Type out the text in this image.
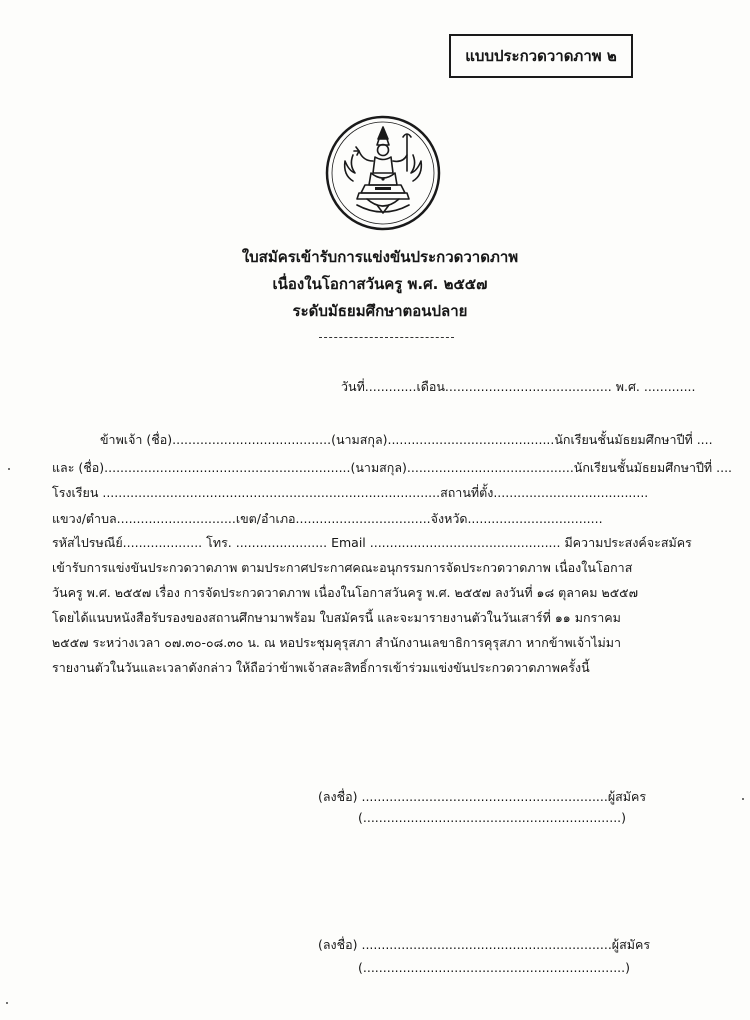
แบบประกวดวาดภาพ ๒
ใบสมัครเข้ารับการแข่งขันประกวดวาดภาพ
เนื่องในโอกาสวันครู พ.ศ. ๒๕๕๗
ระดับมัธยมศึกษาตอนปลาย
วันที่.............เดือน.......................................... พ.ศ. .............
ข้าพเจ้า (ชื่อ)........................................(นามสกุล)..........................................นักเรียนชั้นมัธยมศึกษาปีที่ ....
และ (ชื่อ)..............................................................(นามสกุล)..........................................นักเรียนชั้นมัธยมศึกษาปีที่ ....
โรงเรียน .....................................................................................สถานที่ตั้ง.......................................
แขวง/ตำบล..............................เขต/อำเภอ..................................จังหวัด..................................
รหัสไปรษณีย์.................... โทร. ....................... Email ................................................ มีความประสงค์จะสมัคร
เข้ารับการแข่งขันประกวดวาดภาพ ตามประกาศประกาศคณะอนุกรรมการจัดประกวดวาดภาพ เนื่องในโอกาส
วันครู พ.ศ. ๒๕๕๗ เรื่อง การจัดประกวดวาดภาพ เนื่องในโอกาสวันครู พ.ศ. ๒๕๕๗ ลงวันที่ ๑๘ ตุลาคม ๒๕๕๗
โดยได้แนบหนังสือรับรองของสถานศึกษามาพร้อม ใบสมัครนี้ และจะมารายงานตัวในวันเสาร์ที่ ๑๑ มกราคม
๒๕๕๗ ระหว่างเวลา ๐๗.๓๐-๐๘.๓๐ น. ณ หอประชุมคุรุสภา สำนักงานเลขาธิการคุรุสภา หากข้าพเจ้าไม่มา
รายงานตัวในวันและเวลาดังกล่าว ให้ถือว่าข้าพเจ้าสละสิทธิ์การเข้าร่วมแข่งขันประกวดวาดภาพครั้งนี้
(ลงชื่อ) ..............................................................ผู้สมัคร
(.................................................................)
(ลงชื่อ) ...............................................................ผู้สมัคร
(..................................................................)
